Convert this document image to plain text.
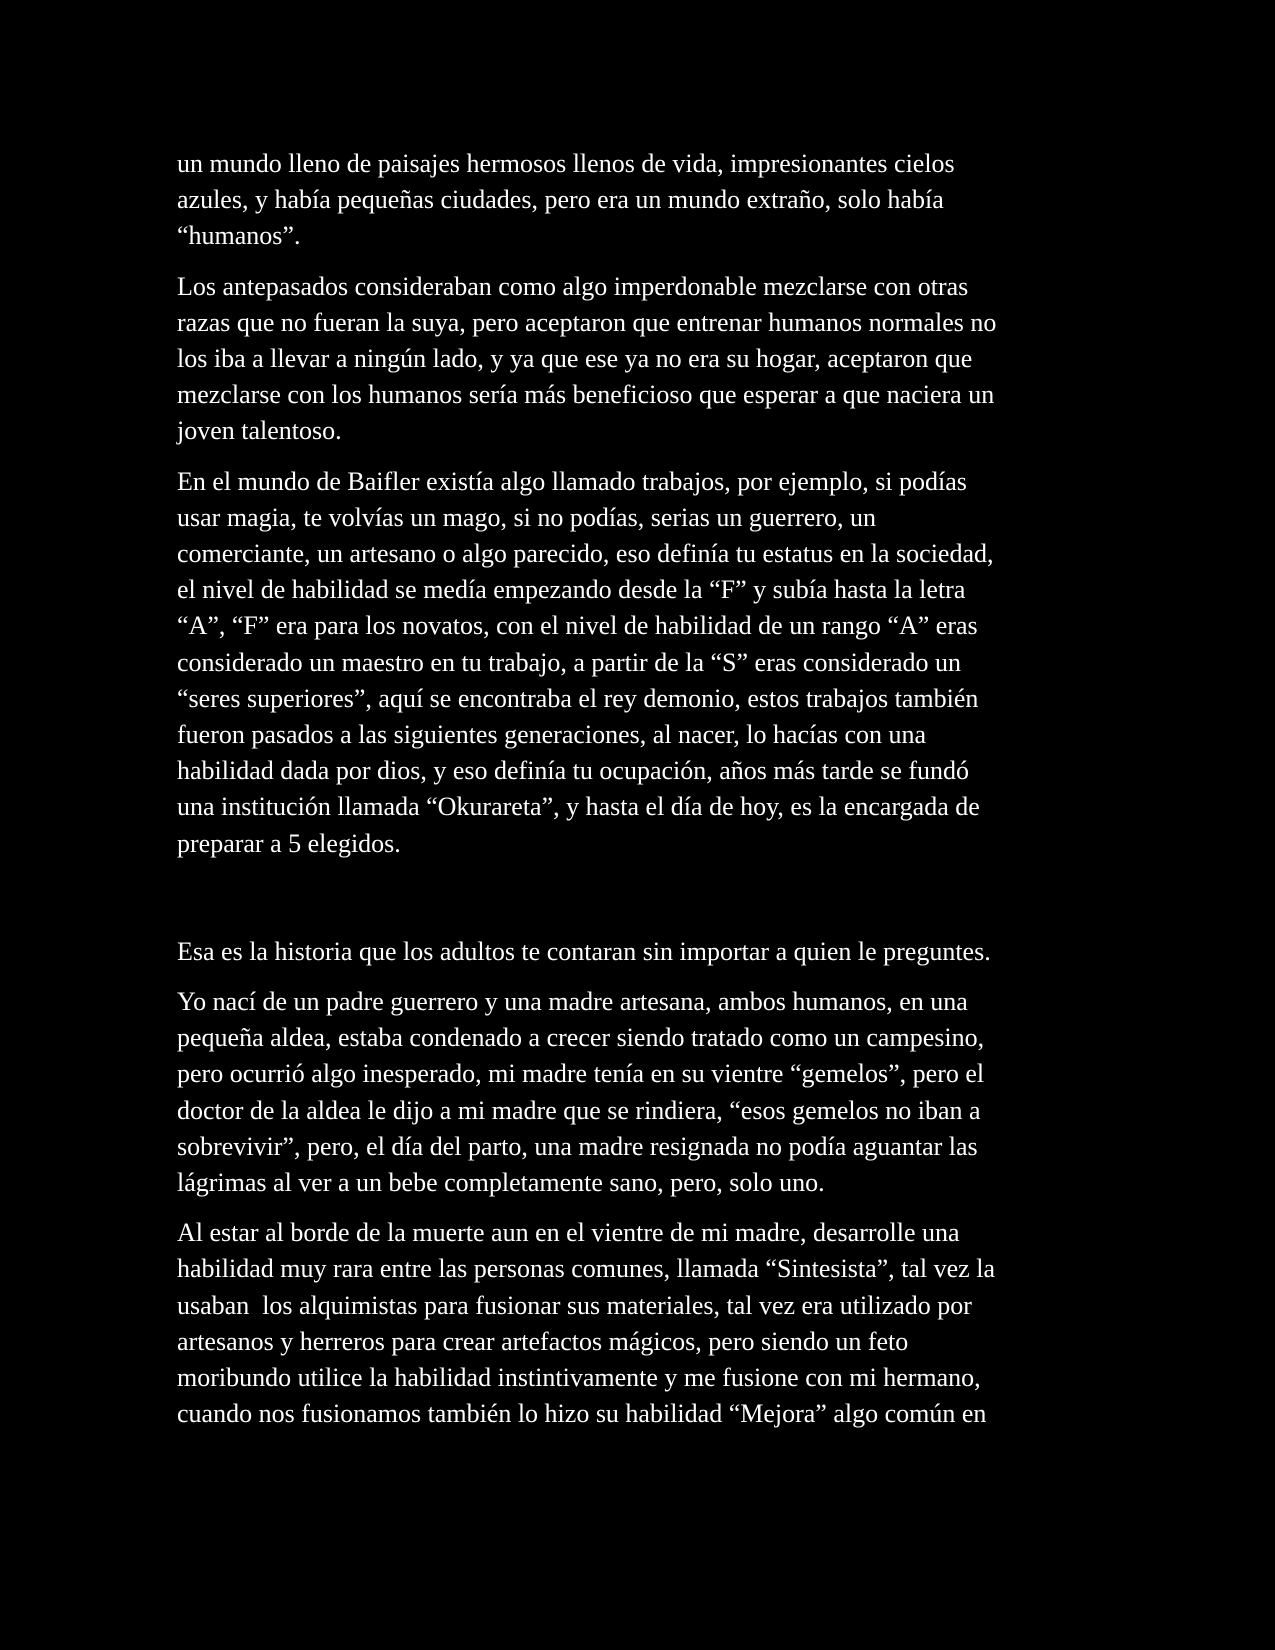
un mundo lleno de paisajes hermosos llenos de vida, impresionantes cielos
azules, y había pequeñas ciudades, pero era un mundo extraño, solo había
“humanos”.

Los antepasados consideraban como algo imperdonable mezclarse con otras
razas que no fueran la suya, pero aceptaron que entrenar humanos normales no
los iba a llevar a ningún lado, y ya que ese ya no era su hogar, aceptaron que
mezclarse con los humanos sería más beneficioso que esperar a que naciera un
joven talentoso.

En el mundo de Baifler existía algo llamado trabajos, por ejemplo, si podías
usar magia, te volvías un mago, si no podías, serias un guerrero, un
comerciante, un artesano o algo parecido, eso definía tu estatus en la sociedad,
el nivel de habilidad se medía empezando desde la “F” y subía hasta la letra
“A”, “F” era para los novatos, con el nivel de habilidad de un rango “A” eras
considerado un maestro en tu trabajo, a partir de la “S” eras considerado un
“seres superiores”, aquí se encontraba el rey demonio, estos trabajos también
fueron pasados a las siguientes generaciones, al nacer, lo hacías con una
habilidad dada por dios, y eso definía tu ocupación, años más tarde se fundó
una institución llamada “Okurareta”, y hasta el día de hoy, es la encargada de
preparar a 5 elegidos.

Esa es la historia que los adultos te contaran sin importar a quien le preguntes.

Yo nací de un padre guerrero y una madre artesana, ambos humanos, en una
pequeña aldea, estaba condenado a crecer siendo tratado como un campesino,
pero ocurrió algo inesperado, mi madre tenía en su vientre “gemelos”, pero el
doctor de la aldea le dijo a mi madre que se rindiera, “esos gemelos no iban a
sobrevivir”, pero, el día del parto, una madre resignada no podía aguantar las
lágrimas al ver a un bebe completamente sano, pero, solo uno.

Al estar al borde de la muerte aun en el vientre de mi madre, desarrolle una
habilidad muy rara entre las personas comunes, llamada “Sintesista”, tal vez la
usaban  los alquimistas para fusionar sus materiales, tal vez era utilizado por
artesanos y herreros para crear artefactos mágicos, pero siendo un feto
moribundo utilice la habilidad instintivamente y me fusione con mi hermano,
cuando nos fusionamos también lo hizo su habilidad “Mejora” algo común en
